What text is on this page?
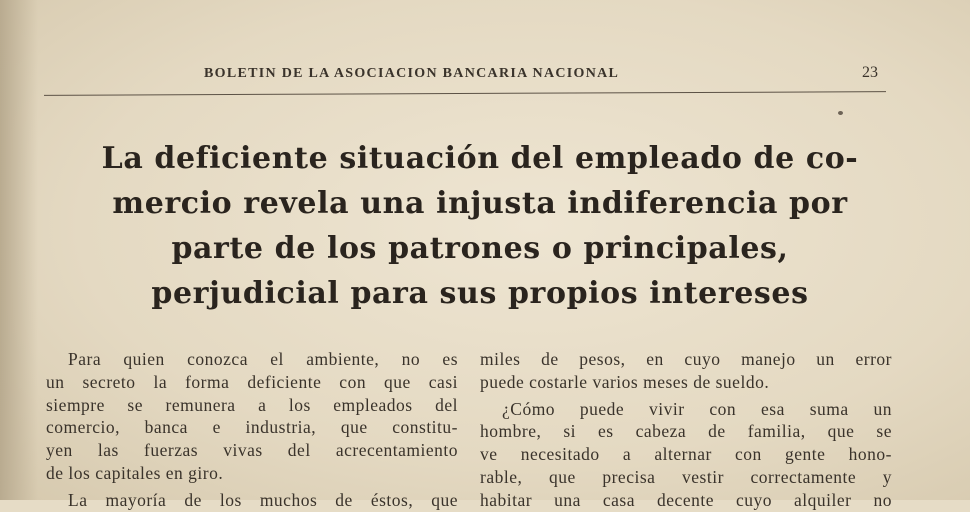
BOLETIN DE LA ASOCIACION BANCARIA NACIONAL	23
La deficiente situación del empleado de co-
mercio revela una injusta indiferencia por
parte de los patrones o principales,
perjudicial para sus propios intereses
Para quien conozca el ambiente, no es
un secreto la forma deficiente con que casi
siempre se remunera a los empleados del
comercio, banca e industria, que constitu-
yen las fuerzas vivas del acrecentamiento
de los capitales en giro.
La mayoría de los muchos de éstos, que
miles de pesos, en cuyo manejo un error
puede costarle varios meses de sueldo.
¿Cómo puede vivir con esa suma un
hombre, si es cabeza de familia, que se
ve necesitado a alternar con gente hono-
rable, que precisa vestir correctamente y
habitar una casa decente cuyo alquiler no
